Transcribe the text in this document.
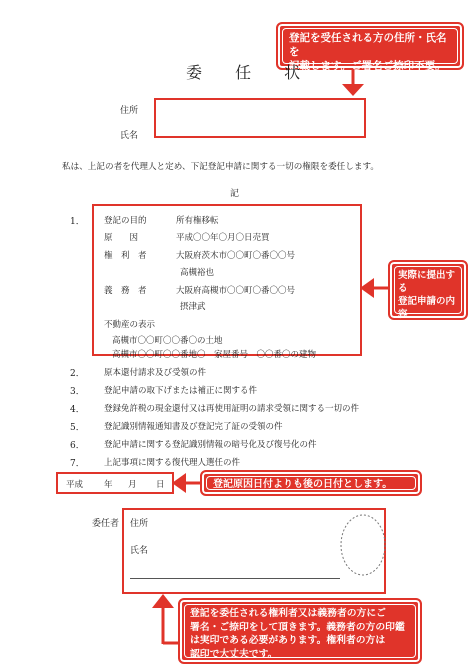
登記を受任される方の住所・氏名を
記載します。ご署名ご捺印不要。
委 任 状
住所
氏名
私は、上記の者を代理人と定め、下記登記申請に関する一切の権限を委任します。
記
1． 登記の目的	所有権移転
原　　因	平成〇〇年〇月〇日売買
権　利　者	大阪府茨木市〇〇町〇番〇〇号
高槻裕也
義　務　者	大阪府高槻市〇〇町〇番〇〇号
摂津武
不動産の表示
高槻市〇〇町〇〇番〇の土地
高槻市〇〇町〇〇番地〇　家屋番号　〇〇番〇の建物
実際に提出する
登記申請の内容
にご変更下さい。
2． 原本還付請求及び受領の件
3． 登記申請の取下げまたは補正に関する件
4． 登録免許税の現金還付又は再使用証明の請求受領に関する一切の件
5． 登記識別情報通知書及び登記完了証の受領の件
6． 登記申請に関する登記識別情報の暗号化及び復号化の件
7． 上記事項に関する復代理人選任の件
平成 年 月 日	登記原因日付よりも後の日付とします。
委任者 住所
氏名
登記を委任される権利者又は義務者の方にご
署名・ご捺印をして頂きます。義務者の方の印鑑
は実印である必要があります。権利者の方は
認印で大丈夫です。
